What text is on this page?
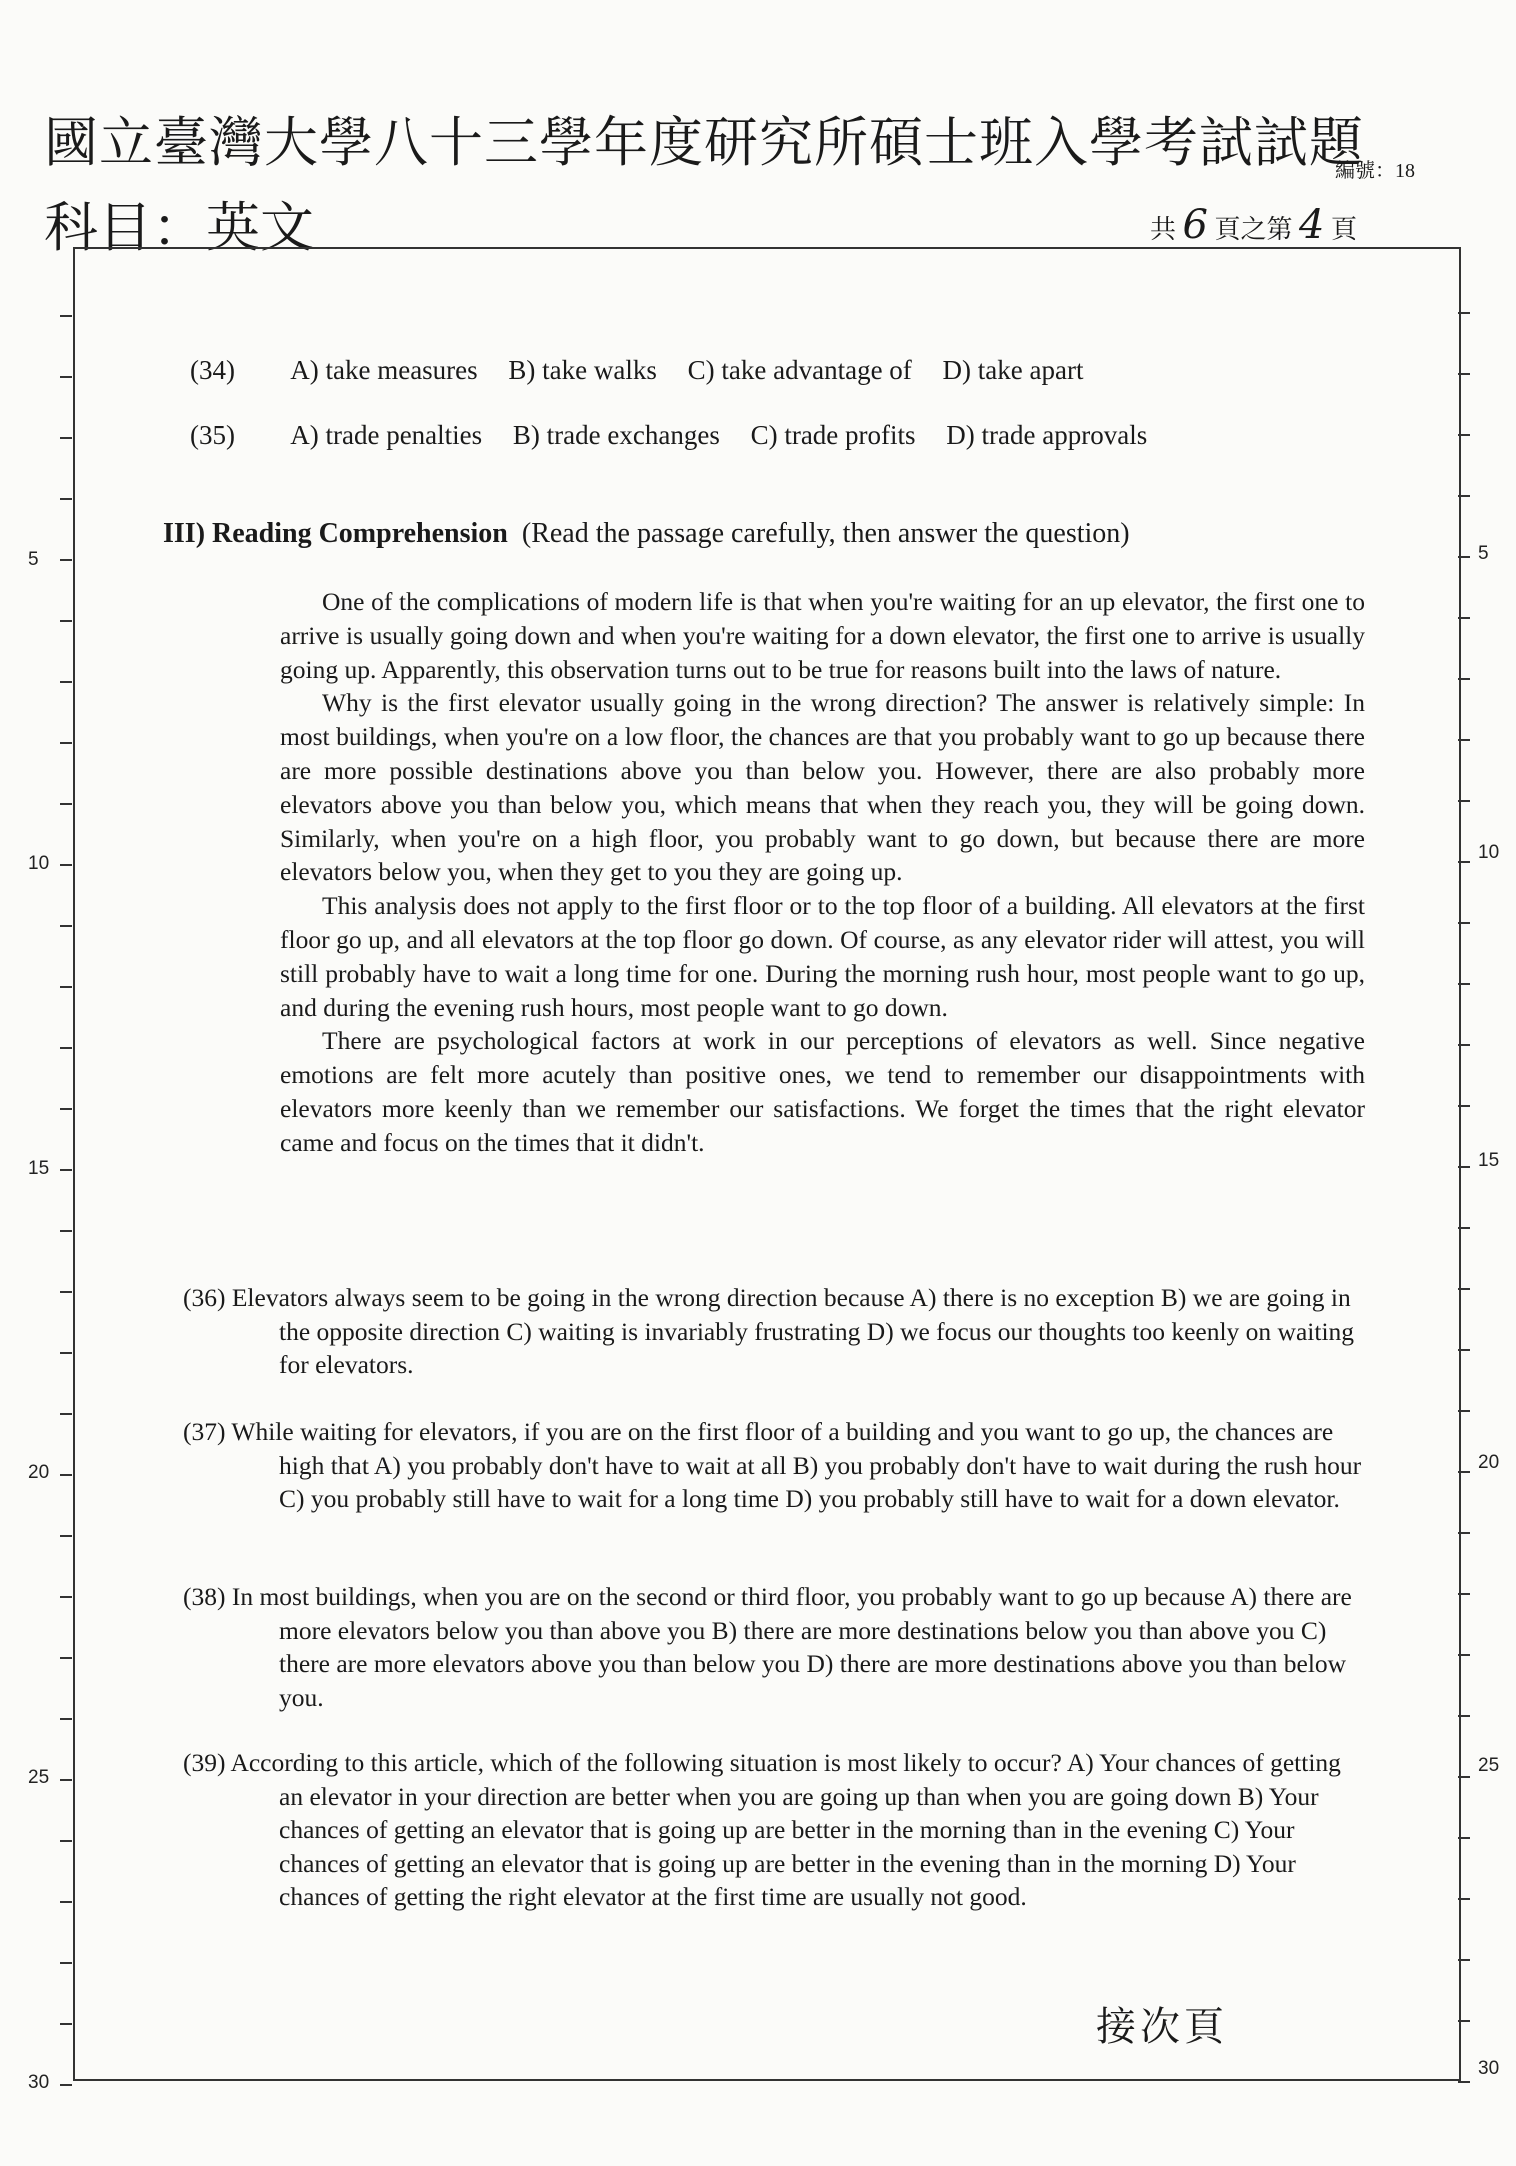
國立臺灣大學八十三學年度研究所碩士班入學考試試題
科目：英文
編號：18
共 6 頁之第 4 頁
5
10
15
20
25
30
5
10
15
20
25
30
(34) A) take measures B) take walks C) take advantage of D) take apart
(35) A) trade penalties B) trade exchanges C) trade profits D) trade approvals
III) Reading Comprehension (Read the passage carefully, then answer the question)

One of the complications of modern life is that when you're waiting for an up elevator, the first one to arrive is usually going down and when you're waiting for a down elevator, the first one to arrive is usually going up. Apparently, this observation turns out to be true for reasons built into the laws of nature.

Why is the first elevator usually going in the wrong direction? The answer is relatively simple: In most buildings, when you're on a low floor, the chances are that you probably want to go up because there are more possible destinations above you than below you. However, there are also probably more elevators above you than below you, which means that when they reach you, they will be going down. Similarly, when you're on a high floor, you probably want to go down, but because there are more elevators below you, when they get to you they are going up.

This analysis does not apply to the first floor or to the top floor of a building. All elevators at the first floor go up, and all elevators at the top floor go down. Of course, as any elevator rider will attest, you will still probably have to wait a long time for one. During the morning rush hour, most people want to go up, and during the evening rush hours, most people want to go down.

There are psychological factors at work in our perceptions of elevators as well. Since negative emotions are felt more acutely than positive ones, we tend to remember our disappointments with elevators more keenly than we remember our satisfactions. We forget the times that the right elevator came and focus on the times that it didn't.

(36) Elevators always seem to be going in the wrong direction because A) there is no exception B) we are going in the opposite direction C) waiting is invariably frustrating D) we focus our thoughts too keenly on waiting for elevators.
(37) While waiting for elevators, if you are on the first floor of a building and you want to go up, the chances are high that A) you probably don't have to wait at all B) you probably don't have to wait during the rush hour C) you probably still have to wait for a long time D) you probably still have to wait for a down elevator.
(38) In most buildings, when you are on the second or third floor, you probably want to go up because A) there are more elevators below you than above you B) there are more destinations below you than above you C) there are more elevators above you than below you D) there are more destinations above you than below you.
(39) According to this article, which of the following situation is most likely to occur? A) Your chances of getting an elevator in your direction are better when you are going up than when you are going down B) Your chances of getting an elevator that is going up are better in the morning than in the evening C) Your chances of getting an elevator that is going up are better in the evening than in the morning D) Your chances of getting the right elevator at the first time are usually not good.
接次頁
